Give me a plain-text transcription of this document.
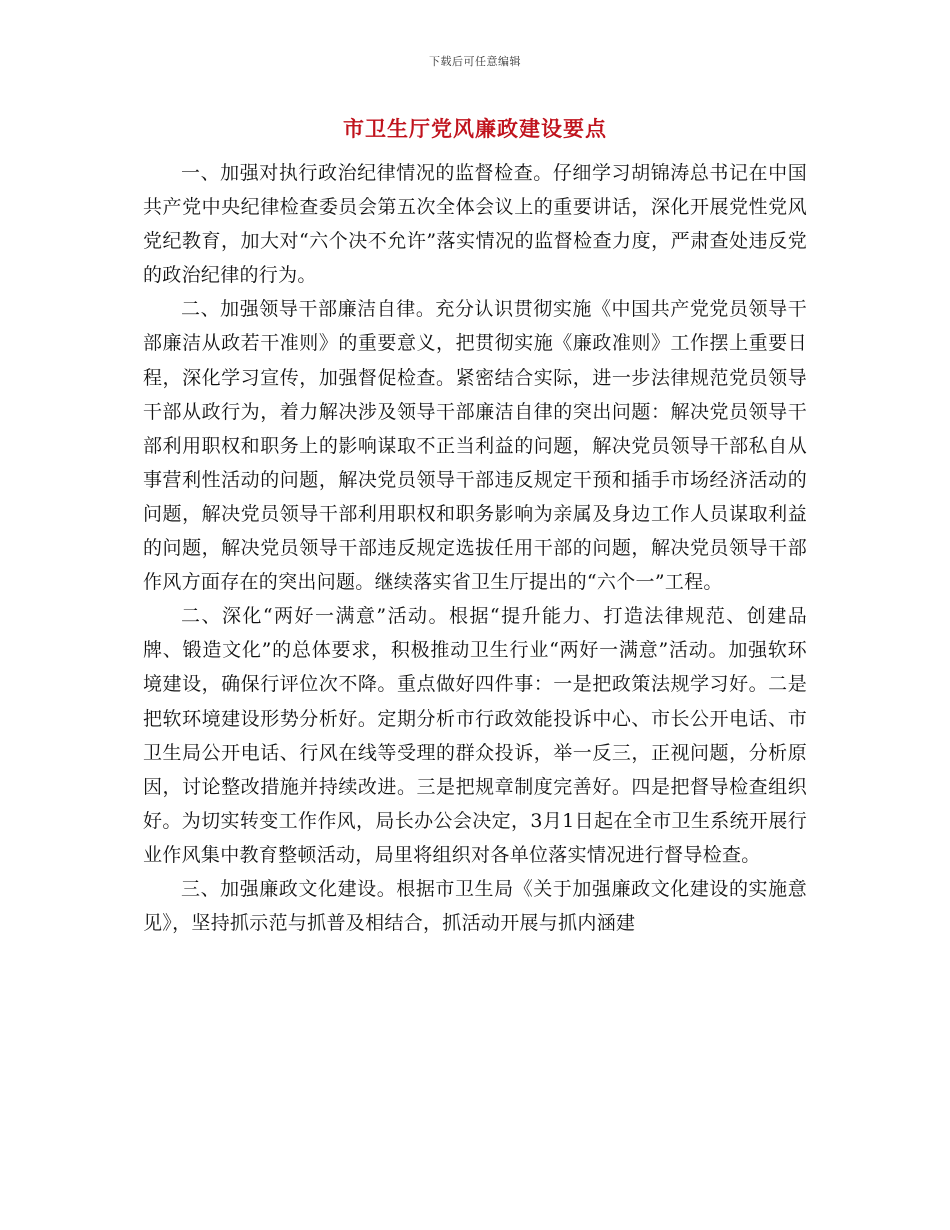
下载后可任意编辑
市卫生厅党风廉政建设要点

一、加强对执行政治纪律情况的监督检查。仔细学习胡锦涛总书记在中国共产党中央纪律检查委员会第五次全体会议上的重要讲话，深化开展党性党风党纪教育，加大对“六个决不允许”落实情况的监督检查力度，严肃查处违反党的政治纪律的行为。

二、加强领导干部廉洁自律。充分认识贯彻实施《中国共产党党员领导干部廉洁从政若干准则》的重要意义，把贯彻实施《廉政准则》工作摆上重要日程，深化学习宣传，加强督促检查。紧密结合实际，进一步法律规范党员领导干部从政行为，着力解决涉及领导干部廉洁自律的突出问题：解决党员领导干部利用职权和职务上的影响谋取不正当利益的问题，解决党员领导干部私自从事营利性活动的问题，解决党员领导干部违反规定干预和插手市场经济活动的问题，解决党员领导干部利用职权和职务影响为亲属及身边工作人员谋取利益的问题，解决党员领导干部违反规定选拔任用干部的问题，解决党员领导干部作风方面存在的突出问题。继续落实省卫生厅提出的“六个一”工程。

二、深化“两好一满意”活动。根据“提升能力、打造法律规范、创建品牌、锻造文化”的总体要求，积极推动卫生行业“两好一满意”活动。加强软环境建设，确保行评位次不降。重点做好四件事：一是把政策法规学习好。二是把软环境建设形势分析好。定期分析市行政效能投诉中心、市长公开电话、市卫生局公开电话、行风在线等受理的群众投诉，举一反三，正视问题，分析原因，讨论整改措施并持续改进。三是把规章制度完善好。四是把督导检查组织好。为切实转变工作作风，局长办公会决定，3月1日起在全市卫生系统开展行业作风集中教育整顿活动，局里将组织对各单位落实情况进行督导检查。

三、加强廉政文化建设。根据市卫生局《关于加强廉政文化建设的实施意见》，坚持抓示范与抓普及相结合，抓活动开展与抓内涵建
